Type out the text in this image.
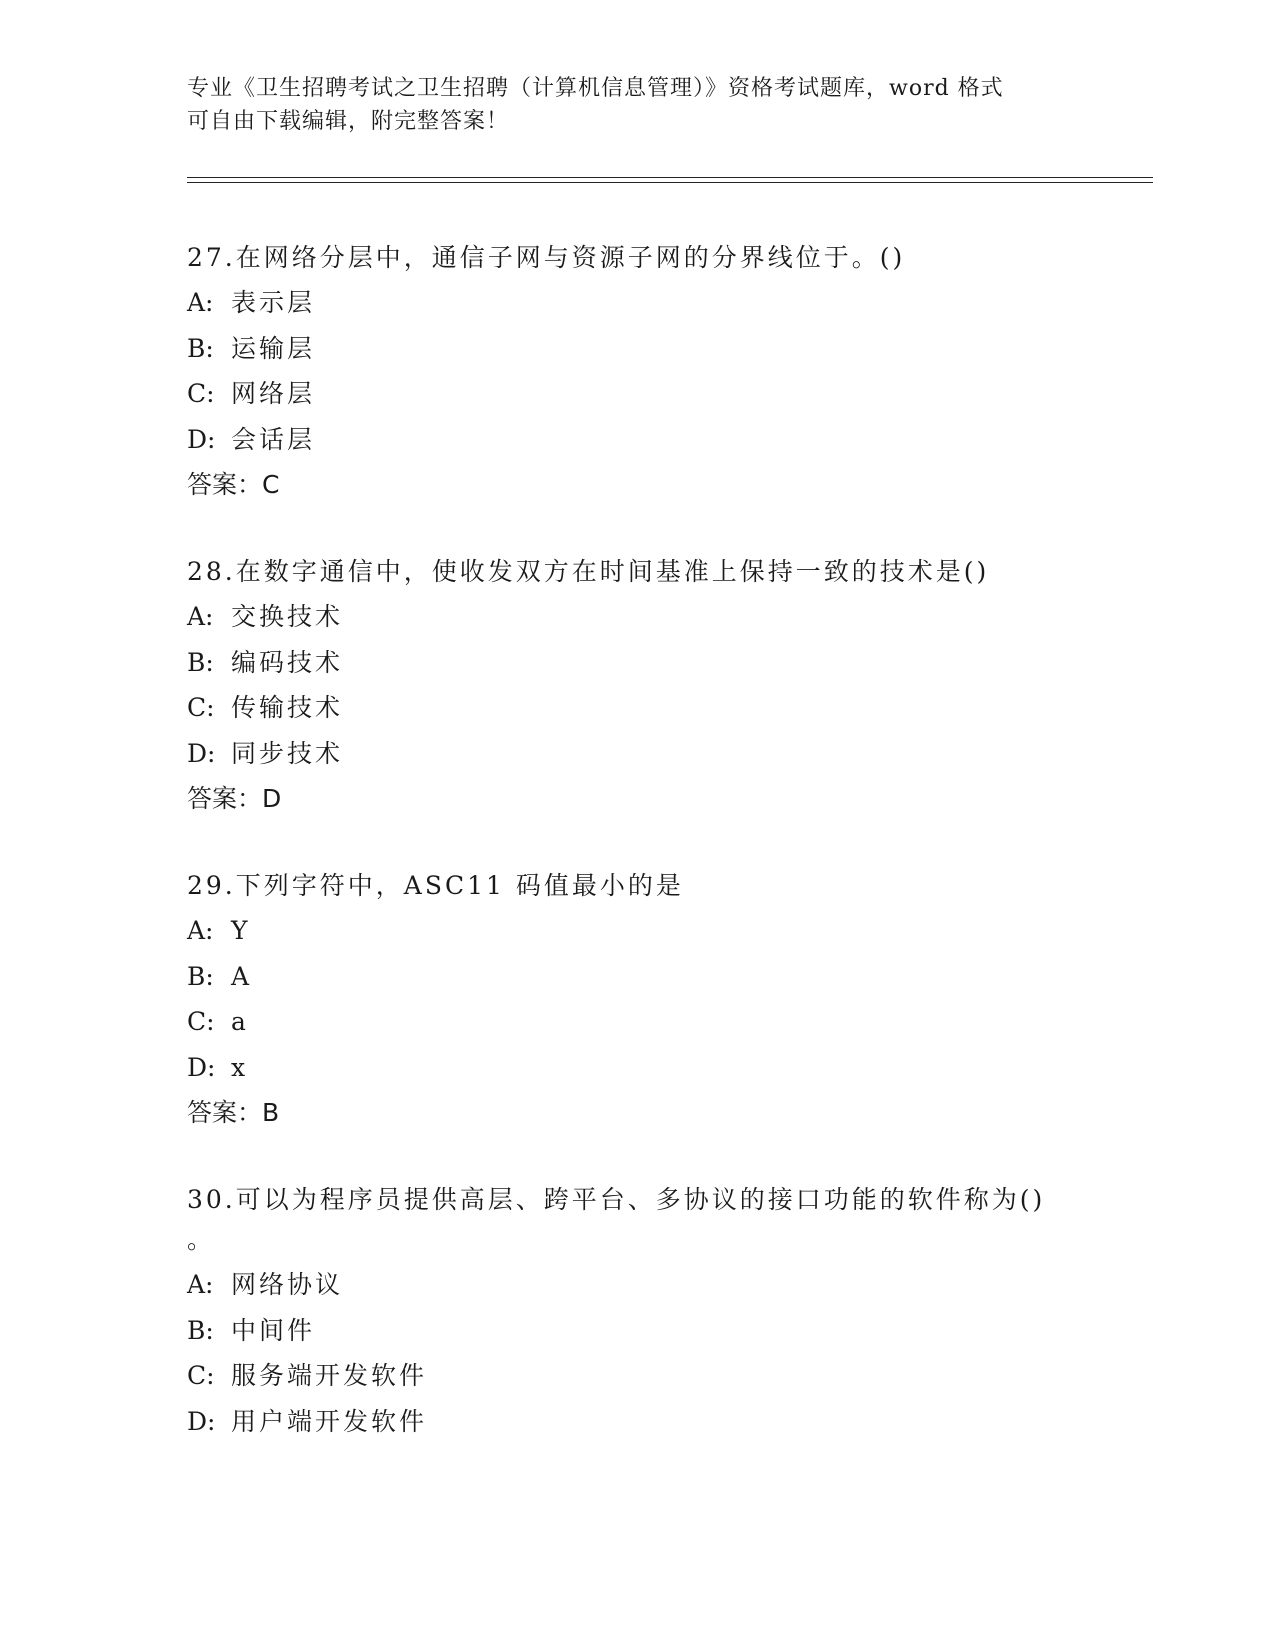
专业《卫生招聘考试之卫生招聘（计算机信息管理）》资格考试题库，word 格式

可自由下载编辑，附完整答案！

27.在网络分层中，通信子网与资源子网的分界线位于。()

A: 表示层

B: 运输层

C: 网络层

D: 会话层

答案：C

28.在数字通信中，使收发双方在时间基准上保持一致的技术是()

A: 交换技术

B: 编码技术

C: 传输技术

D: 同步技术

答案：D

29.下列字符中，ASC11 码值最小的是

A: Y

B: A

C: a

D: x

答案：B

30.可以为程序员提供高层、跨平台、多协议的接口功能的软件称为()

。

A: 网络协议

B: 中间件

C: 服务端开发软件

D: 用户端开发软件
